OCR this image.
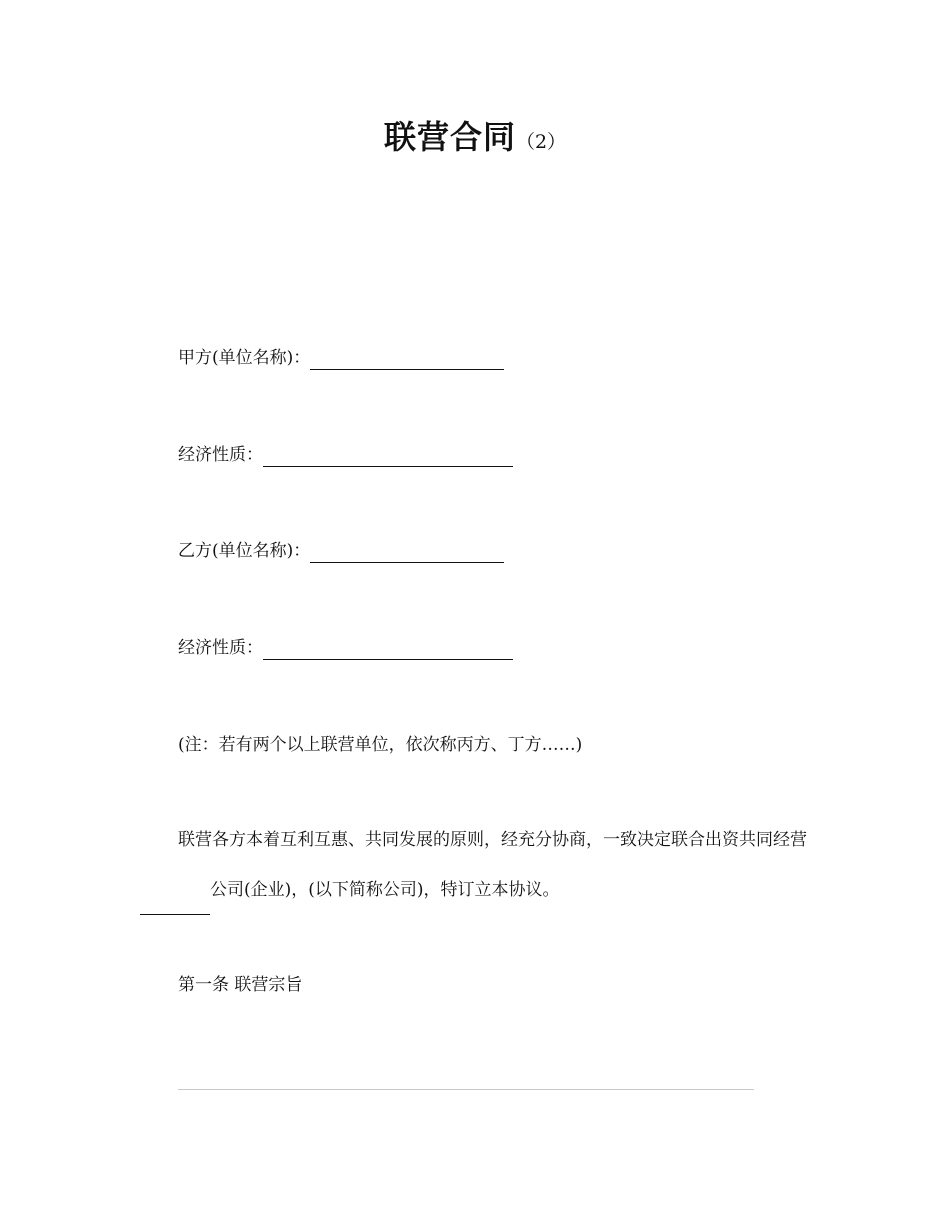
联营合同（2）
甲方(单位名称)：
经济性质：
乙方(单位名称)：
经济性质：
(注：若有两个以上联营单位，依次称丙方、丁方……)
联营各方本着互利互惠、共同发展的原则，经充分协商，一致决定联合出资共同经营公司(企业)，(以下简称公司)，特订立本协议。
第一条 联营宗旨
